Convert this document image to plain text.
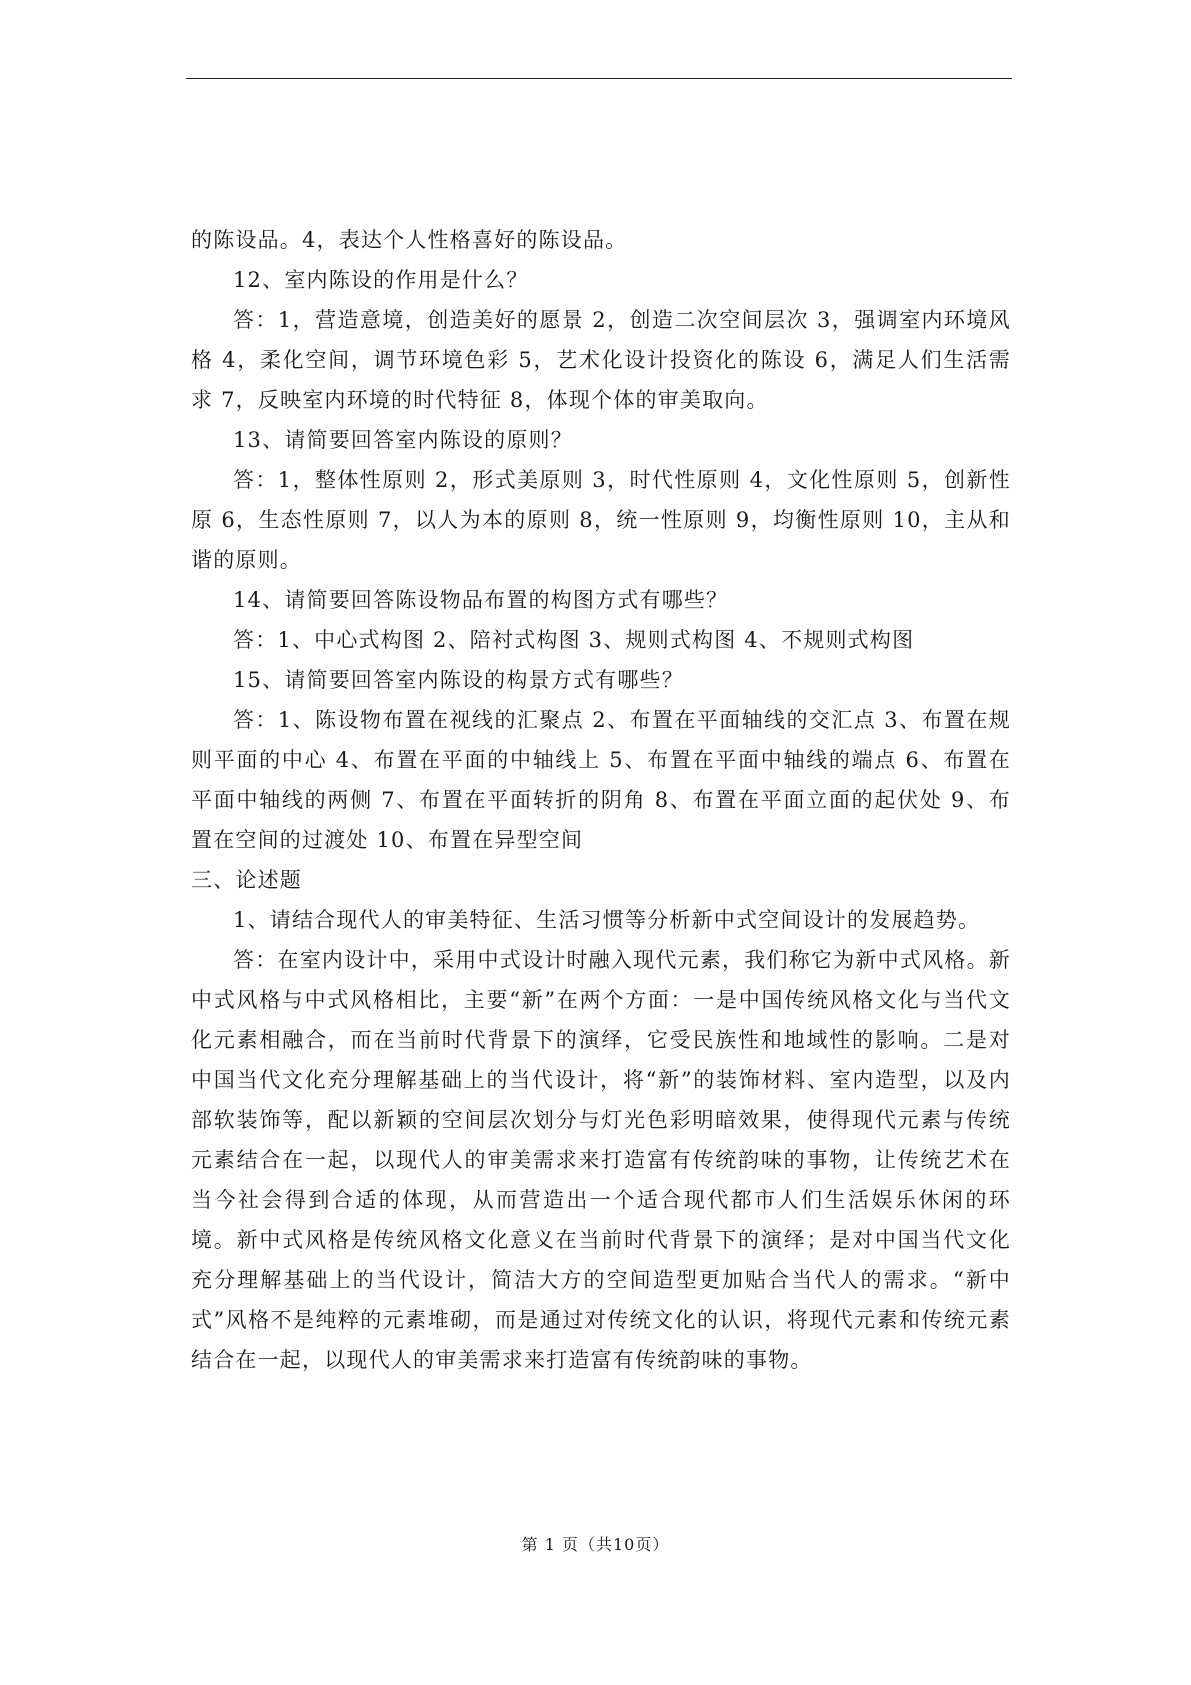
的陈设品。4，表达个人性格喜好的陈设品。

12、室内陈设的作用是什么？

答：1，营造意境，创造美好的愿景 2，创造二次空间层次 3，强调室内环境风格 4，柔化空间，调节环境色彩 5，艺术化设计投资化的陈设 6，满足人们生活需求 7，反映室内环境的时代特征 8，体现个体的审美取向。

13、请简要回答室内陈设的原则？

答：1，整体性原则 2，形式美原则 3，时代性原则 4，文化性原则 5，创新性原 6，生态性原则 7，以人为本的原则 8，统一性原则 9，均衡性原则 10，主从和谐的原则。

14、请简要回答陈设物品布置的构图方式有哪些？

答：1、中心式构图 2、陪衬式构图 3、规则式构图 4、不规则式构图

15、请简要回答室内陈设的构景方式有哪些？

答：1、陈设物布置在视线的汇聚点 2、布置在平面轴线的交汇点 3、布置在规则平面的中心 4、布置在平面的中轴线上 5、布置在平面中轴线的端点 6、布置在平面中轴线的两侧 7、布置在平面转折的阴角 8、布置在平面立面的起伏处 9、布置在空间的过渡处 10、布置在异型空间

三、论述题

1、请结合现代人的审美特征、生活习惯等分析新中式空间设计的发展趋势。

答：在室内设计中，采用中式设计时融入现代元素，我们称它为新中式风格。新中式风格与中式风格相比，主要“新”在两个方面：一是中国传统风格文化与当代文化元素相融合，而在当前时代背景下的演绎，它受民族性和地域性的影响。二是对中国当代文化充分理解基础上的当代设计，将“新”的装饰材料、室内造型，以及内部软装饰等，配以新颖的空间层次划分与灯光色彩明暗效果，使得现代元素与传统元素结合在一起，以现代人的审美需求来打造富有传统韵味的事物，让传统艺术在当今社会得到合适的体现，从而营造出一个适合现代都市人们生活娱乐休闲的环境。新中式风格是传统风格文化意义在当前时代背景下的演绎；是对中国当代文化充分理解基础上的当代设计，简洁大方的空间造型更加贴合当代人的需求。“新中式”风格不是纯粹的元素堆砌，而是通过对传统文化的认识，将现代元素和传统元素结合在一起，以现代人的审美需求来打造富有传统韵味的事物。

第 1 页（共10页）
